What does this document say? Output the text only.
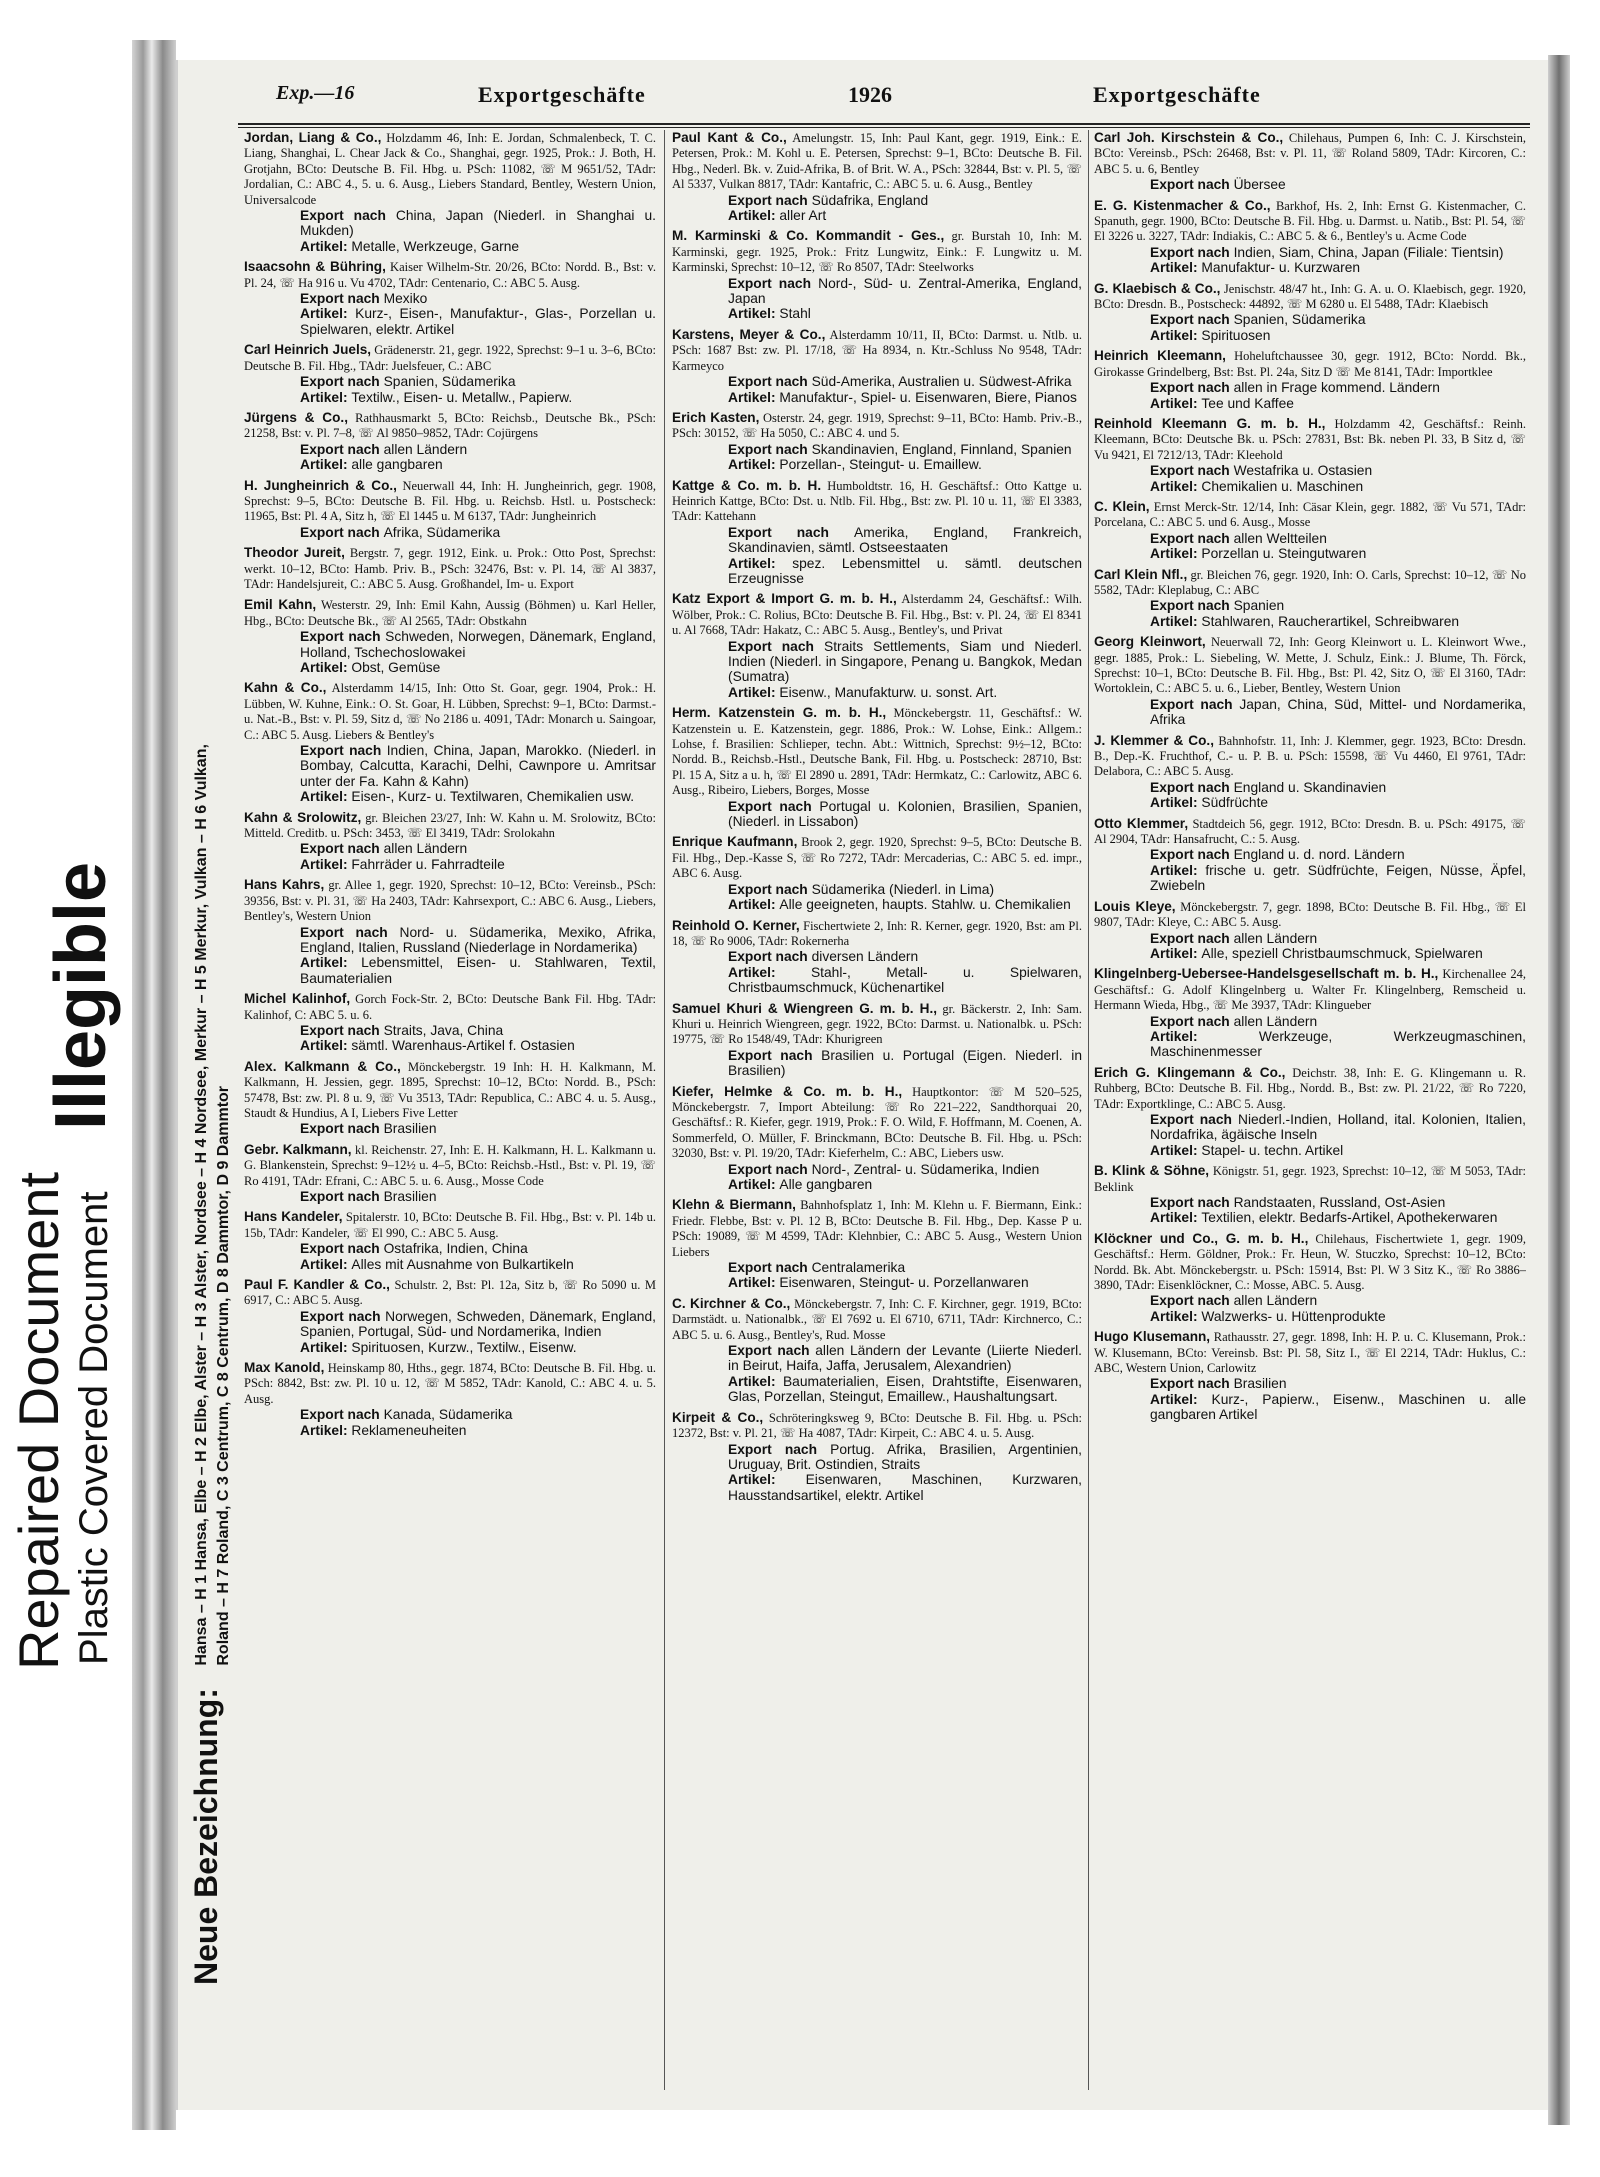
Repaired Document Plastic Covered Document
Illegible
Neue Bezeichnung: Hansa – H 1 Hansa, Elbe – H 2 Elbe, Alster – H 3 Alster, Nordsee – H 4 Nordsee, Merkur – H 5 Merkur, Vulkan – H 6 Vulkan, Roland – H 7 Roland, C 3 Centrum, C 8 Centrum, D 8 Dammtor, D 9 Dammtor
Exp.—16	Exportgeschäfte	1926	Exportgeschäfte
Jordan, Liang & Co., Holzdamm 46, Inh: E. Jordan, Schmalenbeck, T. C. Liang, Shanghai, L. Chear Jack & Co., Shanghai, gegr. 1925, Prok.: J. Both, H. Grotjahn, BCto: Deutsche B. Fil. Hbg. u. PSch: 11082, ☏ M 9651/52, TAdr: Jordalian, C.: ABC 4., 5. u. 6. Ausg., Liebers Standard, Bentley, Western Union, Universalcode
Export nach China, Japan (Niederl. in Shanghai u. Mukden)
Artikel: Metalle, Werkzeuge, Garne
Isaacsohn & Bühring, Kaiser Wilhelm-Str. 20/26, BCto: Nordd. B., Bst: v. Pl. 24, ☏ Ha 916 u. Vu 4702, TAdr: Centenario, C.: ABC 5. Ausg.
Export nach Mexiko
Artikel: Kurz-, Eisen-, Manufaktur-, Glas-, Porzellan u. Spielwaren, elektr. Artikel
Carl Heinrich Juels, Grädenerstr. 21, gegr. 1922, Sprechst: 9–1 u. 3–6, BCto: Deutsche B. Fil. Hbg., TAdr: Juelsfeuer, C.: ABC
Export nach Spanien, Südamerika
Artikel: Textilw., Eisen- u. Metallw., Papierw.
Jürgens & Co., Rathhausmarkt 5, BCto: Reichsb., Deutsche Bk., PSch: 21258, Bst: v. Pl. 7–8, ☏ Al 9850–9852, TAdr: Cojürgens
Export nach allen Ländern
Artikel: alle gangbaren
H. Jungheinrich & Co., Neuerwall 44, Inh: H. Jungheinrich, gegr. 1908, Sprechst: 9–5, BCto: Deutsche B. Fil. Hbg. u. Reichsb. Hstl. u. Postscheck: 11965, Bst: Pl. 4 A, Sitz h, ☏ El 1445 u. M 6137, TAdr: Jungheinrich
Export nach Afrika, Südamerika
Theodor Jureit, Bergstr. 7, gegr. 1912, Eink. u. Prok.: Otto Post, Sprechst: werkt. 10–12, BCto: Hamb. Priv. B., PSch: 32476, Bst: v. Pl. 14, ☏ Al 3837, TAdr: Handelsjureit, C.: ABC 5. Ausg. Großhandel, Im- u. Export
Emil Kahn, Westerstr. 29, Inh: Emil Kahn, Aussig (Böhmen) u. Karl Heller, Hbg., BCto: Deutsche Bk., ☏ Al 2565, TAdr: Obstkahn
Export nach Schweden, Norwegen, Dänemark, England, Holland, Tschechoslowakei
Artikel: Obst, Gemüse
Kahn & Co., Alsterdamm 14/15, Inh: Otto St. Goar, gegr. 1904, Prok.: H. Lübben, W. Kuhne, Eink.: O. St. Goar, H. Lübben, Sprechst: 9–1, BCto: Darmst.- u. Nat.-B., Bst: v. Pl. 59, Sitz d, ☏ No 2186 u. 4091, TAdr: Monarch u. Saingoar, C.: ABC 5. Ausg. Liebers & Bentley's
Export nach Indien, China, Japan, Marokko. (Niederl. in Bombay, Calcutta, Karachi, Delhi, Cawnpore u. Amritsar unter der Fa. Kahn & Kahn)
Artikel: Eisen-, Kurz- u. Textilwaren, Chemikalien usw.
Kahn & Srolowitz, gr. Bleichen 23/27, Inh: W. Kahn u. M. Srolowitz, BCto: Mitteld. Creditb. u. PSch: 3453, ☏ El 3419, TAdr: Srolokahn
Export nach allen Ländern
Artikel: Fahrräder u. Fahrradteile
Hans Kahrs, gr. Allee 1, gegr. 1920, Sprechst: 10–12, BCto: Vereinsb., PSch: 39356, Bst: v. Pl. 31, ☏ Ha 2403, TAdr: Kahrsexport, C.: ABC 6. Ausg., Liebers, Bentley's, Western Union
Export nach Nord- u. Südamerika, Mexiko, Afrika, England, Italien, Russland (Niederlage in Nordamerika)
Artikel: Lebensmittel, Eisen- u. Stahlwaren, Textil, Baumaterialien
Michel Kalinhof, Gorch Fock-Str. 2, BCto: Deutsche Bank Fil. Hbg. TAdr: Kalinhof, C: ABC 5. u. 6.
Export nach Straits, Java, China
Artikel: sämtl. Warenhaus-Artikel f. Ostasien
Alex. Kalkmann & Co., Mönckebergstr. 19 Inh: H. H. Kalkmann, M. Kalkmann, H. Jessien, gegr. 1895, Sprechst: 10–12, BCto: Nordd. B., PSch: 57478, Bst: zw. Pl. 8 u. 9, ☏ Vu 3513, TAdr: Republica, C.: ABC 4. u. 5. Ausg., Staudt & Hundius, A I, Liebers Five Letter
Export nach Brasilien
Gebr. Kalkmann, kl. Reichenstr. 27, Inh: E. H. Kalkmann, H. L. Kalkmann u. G. Blankenstein, Sprechst: 9–12½ u. 4–5, BCto: Reichsb.-Hstl., Bst: v. Pl. 19, ☏ Ro 4191, TAdr: Efrani, C.: ABC 5. u. 6. Ausg., Mosse Code
Export nach Brasilien
Hans Kandeler, Spitalerstr. 10, BCto: Deutsche B. Fil. Hbg., Bst: v. Pl. 14b u. 15b, TAdr: Kandeler, ☏ El 990, C.: ABC 5. Ausg.
Export nach Ostafrika, Indien, China
Artikel: Alles mit Ausnahme von Bulkartikeln
Paul F. Kandler & Co., Schulstr. 2, Bst: Pl. 12a, Sitz b, ☏ Ro 5090 u. M 6917, C.: ABC 5. Ausg.
Export nach Norwegen, Schweden, Dänemark, England, Spanien, Portugal, Süd- und Nordamerika, Indien
Artikel: Spirituosen, Kurzw., Textilw., Eisenw.
Max Kanold, Heinskamp 80, Hths., gegr. 1874, BCto: Deutsche B. Fil. Hbg. u. PSch: 8842, Bst: zw. Pl. 10 u. 12, ☏ M 5852, TAdr: Kanold, C.: ABC 4. u. 5. Ausg.
Export nach Kanada, Südamerika
Artikel: Reklameneuheiten
Paul Kant & Co., Amelungstr. 15, Inh: Paul Kant, gegr. 1919, Eink.: E. Petersen, Prok.: M. Kohl u. E. Petersen, Sprechst: 9–1, BCto: Deutsche B. Fil. Hbg., Nederl. Bk. v. Zuid-Afrika, B. of Brit. W. A., PSch: 32844, Bst: v. Pl. 5, ☏ Al 5337, Vulkan 8817, TAdr: Kantafric, C.: ABC 5. u. 6. Ausg., Bentley
Export nach Südafrika, England
Artikel: aller Art
M. Karminski & Co. Kommandit - Ges., gr. Burstah 10, Inh: M. Karminski, gegr. 1925, Prok.: Fritz Lungwitz, Eink.: F. Lungwitz u. M. Karminski, Sprechst: 10–12, ☏ Ro 8507, TAdr: Steelworks
Export nach Nord-, Süd- u. Zentral-Amerika, England, Japan
Artikel: Stahl
Karstens, Meyer & Co., Alsterdamm 10/11, II, BCto: Darmst. u. Ntlb. u. PSch: 1687 Bst: zw. Pl. 17/18, ☏ Ha 8934, n. Ktr.-Schluss No 9548, TAdr: Karmeyco
Export nach Süd-Amerika, Australien u. Südwest-Afrika
Artikel: Manufaktur-, Spiel- u. Eisenwaren, Biere, Pianos
Erich Kasten, Osterstr. 24, gegr. 1919, Sprechst: 9–11, BCto: Hamb. Priv.-B., PSch: 30152, ☏ Ha 5050, C.: ABC 4. und 5.
Export nach Skandinavien, England, Finnland, Spanien
Artikel: Porzellan-, Steingut- u. Emaillew.
Kattge & Co. m. b. H. Humboldtstr. 16, H. Geschäftsf.: Otto Kattge u. Heinrich Kattge, BCto: Dst. u. Ntlb. Fil. Hbg., Bst: zw. Pl. 10 u. 11, ☏ El 3383, TAdr: Kattehann
Export nach Amerika, England, Frankreich, Skandinavien, sämtl. Ostseestaaten
Artikel: spez. Lebensmittel u. sämtl. deutschen Erzeugnisse
Katz Export & Import G. m. b. H., Alsterdamm 24, Geschäftsf.: Wilh. Wölber, Prok.: C. Rolius, BCto: Deutsche B. Fil. Hbg., Bst: v. Pl. 24, ☏ El 8341 u. Al 7668, TAdr: Hakatz, C.: ABC 5. Ausg., Bentley's, und Privat
Export nach Straits Settlements, Siam und Niederl. Indien (Niederl. in Singapore, Penang u. Bangkok, Medan (Sumatra)
Artikel: Eisenw., Manufakturw. u. sonst. Art.
Herm. Katzenstein G. m. b. H., Mönckebergstr. 11, Geschäftsf.: W. Katzenstein u. E. Katzenstein, gegr. 1886, Prok.: W. Lohse, Eink.: Allgem.: Lohse, f. Brasilien: Schlieper, techn. Abt.: Wittnich, Sprechst: 9½–12, BCto: Nordd. B., Reichsb.-Hstl., Deutsche Bank, Fil. Hbg. u. Postscheck: 28710, Bst: Pl. 15 A, Sitz a u. h, ☏ El 2890 u. 2891, TAdr: Hermkatz, C.: Carlowitz, ABC 6. Ausg., Ribeiro, Liebers, Borges, Mosse
Export nach Portugal u. Kolonien, Brasilien, Spanien, (Niederl. in Lissabon)
Enrique Kaufmann, Brook 2, gegr. 1920, Sprechst: 9–5, BCto: Deutsche B. Fil. Hbg., Dep.-Kasse S, ☏ Ro 7272, TAdr: Mercaderias, C.: ABC 5. ed. impr., ABC 6. Ausg.
Export nach Südamerika (Niederl. in Lima)
Artikel: Alle geeigneten, haupts. Stahlw. u. Chemikalien
Reinhold O. Kerner, Fischertwiete 2, Inh: R. Kerner, gegr. 1920, Bst: am Pl. 18, ☏ Ro 9006, TAdr: Rokernerha
Export nach diversen Ländern
Artikel: Stahl-, Metall- u. Spielwaren, Christbaumschmuck, Küchenartikel
Samuel Khuri & Wiengreen G. m. b. H., gr. Bäckerstr. 2, Inh: Sam. Khuri u. Heinrich Wiengreen, gegr. 1922, BCto: Darmst. u. Nationalbk. u. PSch: 19775, ☏ Ro 1548/49, TAdr: Khurigreen
Export nach Brasilien u. Portugal (Eigen. Niederl. in Brasilien)
Kiefer, Helmke & Co. m. b. H., Hauptkontor: ☏ M 520–525, Mönckebergstr. 7, Import Abteilung: ☏ Ro 221–222, Sandthorquai 20, Geschäftsf.: R. Kiefer, gegr. 1919, Prok.: F. O. Wild, F. Hoffmann, M. Coenen, A. Sommerfeld, O. Müller, F. Brinckmann, BCto: Deutsche B. Fil. Hbg. u. PSch: 32030, Bst: v. Pl. 19/20, TAdr: Kieferhelm, C.: ABC, Liebers usw.
Export nach Nord-, Zentral- u. Südamerika, Indien
Artikel: Alle gangbaren
Klehn & Biermann, Bahnhofsplatz 1, Inh: M. Klehn u. F. Biermann, Eink.: Friedr. Flebbe, Bst: v. Pl. 12 B, BCto: Deutsche B. Fil. Hbg., Dep. Kasse P u. PSch: 19089, ☏ M 4599, TAdr: Klehnbier, C.: ABC 5. Ausg., Western Union Liebers
Export nach Centralamerika
Artikel: Eisenwaren, Steingut- u. Porzellanwaren
C. Kirchner & Co., Mönckebergstr. 7, Inh: C. F. Kirchner, gegr. 1919, BCto: Darmstädt. u. Nationalbk., ☏ El 7692 u. El 6710, 6711, TAdr: Kirchnerco, C.: ABC 5. u. 6. Ausg., Bentley's, Rud. Mosse
Export nach allen Ländern der Levante (Liierte Niederl. in Beirut, Haifa, Jaffa, Jerusalem, Alexandrien)
Artikel: Baumaterialien, Eisen, Drahtstifte, Eisenwaren, Glas, Porzellan, Steingut, Emaillew., Haushaltungsart.
Kirpeit & Co., Schröteringksweg 9, BCto: Deutsche B. Fil. Hbg. u. PSch: 12372, Bst: v. Pl. 21, ☏ Ha 4087, TAdr: Kirpeit, C.: ABC 4. u. 5. Ausg.
Export nach Portug. Afrika, Brasilien, Argentinien, Uruguay, Brit. Ostindien, Straits
Artikel: Eisenwaren, Maschinen, Kurzwaren, Hausstandsartikel, elektr. Artikel
Carl Joh. Kirschstein & Co., Chilehaus, Pumpen 6, Inh: C. J. Kirschstein, BCto: Vereinsb., PSch: 26468, Bst: v. Pl. 11, ☏ Roland 5809, TAdr: Kircoren, C.: ABC 5. u. 6, Bentley
Export nach Übersee
E. G. Kistenmacher & Co., Barkhof, Hs. 2, Inh: Ernst G. Kistenmacher, C. Spanuth, gegr. 1900, BCto: Deutsche B. Fil. Hbg. u. Darmst. u. Natib., Bst: Pl. 54, ☏ El 3226 u. 3227, TAdr: Indiakis, C.: ABC 5. & 6., Bentley's u. Acme Code
Export nach Indien, Siam, China, Japan (Filiale: Tientsin)
Artikel: Manufaktur- u. Kurzwaren
G. Klaebisch & Co., Jenischstr. 48/47 ht., Inh: G. A. u. O. Klaebisch, gegr. 1920, BCto: Dresdn. B., Postscheck: 44892, ☏ M 6280 u. El 5488, TAdr: Klaebisch
Export nach Spanien, Südamerika
Artikel: Spirituosen
Heinrich Kleemann, Hoheluftchaussee 30, gegr. 1912, BCto: Nordd. Bk., Girokasse Grindelberg, Bst: Bst. Pl. 24a, Sitz D ☏ Me 8141, TAdr: Importklee
Export nach allen in Frage kommend. Ländern
Artikel: Tee und Kaffee
Reinhold Kleemann G. m. b. H., Holzdamm 42, Geschäftsf.: Reinh. Kleemann, BCto: Deutsche Bk. u. PSch: 27831, Bst: Bk. neben Pl. 33, B Sitz d, ☏ Vu 9421, El 7212/13, TAdr: Kleehold
Export nach Westafrika u. Ostasien
Artikel: Chemikalien u. Maschinen
C. Klein, Ernst Merck-Str. 12/14, Inh: Cäsar Klein, gegr. 1882, ☏ Vu 571, TAdr: Porcelana, C.: ABC 5. und 6. Ausg., Mosse
Export nach allen Weltteilen
Artikel: Porzellan u. Steingutwaren
Carl Klein Nfl., gr. Bleichen 76, gegr. 1920, Inh: O. Carls, Sprechst: 10–12, ☏ No 5582, TAdr: Kleplabug, C.: ABC
Export nach Spanien
Artikel: Stahlwaren, Raucherartikel, Schreibwaren
Georg Kleinwort, Neuerwall 72, Inh: Georg Kleinwort u. L. Kleinwort Wwe., gegr. 1885, Prok.: L. Siebeling, W. Mette, J. Schulz, Eink.: J. Blume, Th. Förck, Sprechst: 10–1, BCto: Deutsche B. Fil. Hbg., Bst: Pl. 42, Sitz O, ☏ El 3160, TAdr: Wortoklein, C.: ABC 5. u. 6., Lieber, Bentley, Western Union
Export nach Japan, China, Süd, Mittel- und Nordamerika, Afrika
J. Klemmer & Co., Bahnhofstr. 11, Inh: J. Klemmer, gegr. 1923, BCto: Dresdn. B., Dep.-K. Fruchthof, C.- u. P. B. u. PSch: 15598, ☏ Vu 4460, El 9761, TAdr: Delabora, C.: ABC 5. Ausg.
Export nach England u. Skandinavien
Artikel: Südfrüchte
Otto Klemmer, Stadtdeich 56, gegr. 1912, BCto: Dresdn. B. u. PSch: 49175, ☏ Al 2904, TAdr: Hansafrucht, C.: 5. Ausg.
Export nach England u. d. nord. Ländern
Artikel: frische u. getr. Südfrüchte, Feigen, Nüsse, Äpfel, Zwiebeln
Louis Kleye, Mönckebergstr. 7, gegr. 1898, BCto: Deutsche B. Fil. Hbg., ☏ El 9807, TAdr: Kleye, C.: ABC 5. Ausg.
Export nach allen Ländern
Artikel: Alle, speziell Christbaumschmuck, Spielwaren
Klingelnberg-Uebersee-Handelsgesellschaft m. b. H., Kirchenallee 24, Geschäftsf.: G. Adolf Klingelnberg u. Walter Fr. Klingelnberg, Remscheid u. Hermann Wieda, Hbg., ☏ Me 3937, TAdr: Klingueber
Export nach allen Ländern
Artikel: Werkzeuge, Werkzeugmaschinen, Maschinenmesser
Erich G. Klingemann & Co., Deichstr. 38, Inh: E. G. Klingemann u. R. Ruhberg, BCto: Deutsche B. Fil. Hbg., Nordd. B., Bst: zw. Pl. 21/22, ☏ Ro 7220, TAdr: Exportklinge, C.: ABC 5. Ausg.
Export nach Niederl.-Indien, Holland, ital. Kolonien, Italien, Nordafrika, ägäische Inseln
Artikel: Stapel- u. techn. Artikel
B. Klink & Söhne, Königstr. 51, gegr. 1923, Sprechst: 10–12, ☏ M 5053, TAdr: Beklink
Export nach Randstaaten, Russland, Ost-Asien
Artikel: Textilien, elektr. Bedarfs-Artikel, Apothekerwaren
Klöckner und Co., G. m. b. H., Chilehaus, Fischertwiete 1, gegr. 1909, Geschäftsf.: Herm. Göldner, Prok.: Fr. Heun, W. Stuczko, Sprechst: 10–12, BCto: Nordd. Bk. Abt. Mönckebergstr. u. PSch: 15914, Bst: Pl. W 3 Sitz K., ☏ Ro 3886–3890, TAdr: Eisenklöckner, C.: Mosse, ABC. 5. Ausg.
Export nach allen Ländern
Artikel: Walzwerks- u. Hüttenprodukte
Hugo Klusemann, Rathausstr. 27, gegr. 1898, Inh: H. P. u. C. Klusemann, Prok.: W. Klusemann, BCto: Vereinsb. Bst: Pl. 58, Sitz I., ☏ El 2214, TAdr: Huklus, C.: ABC, Western Union, Carlowitz
Export nach Brasilien
Artikel: Kurz-, Papierw., Eisenw., Maschinen u. alle gangbaren Artikel
